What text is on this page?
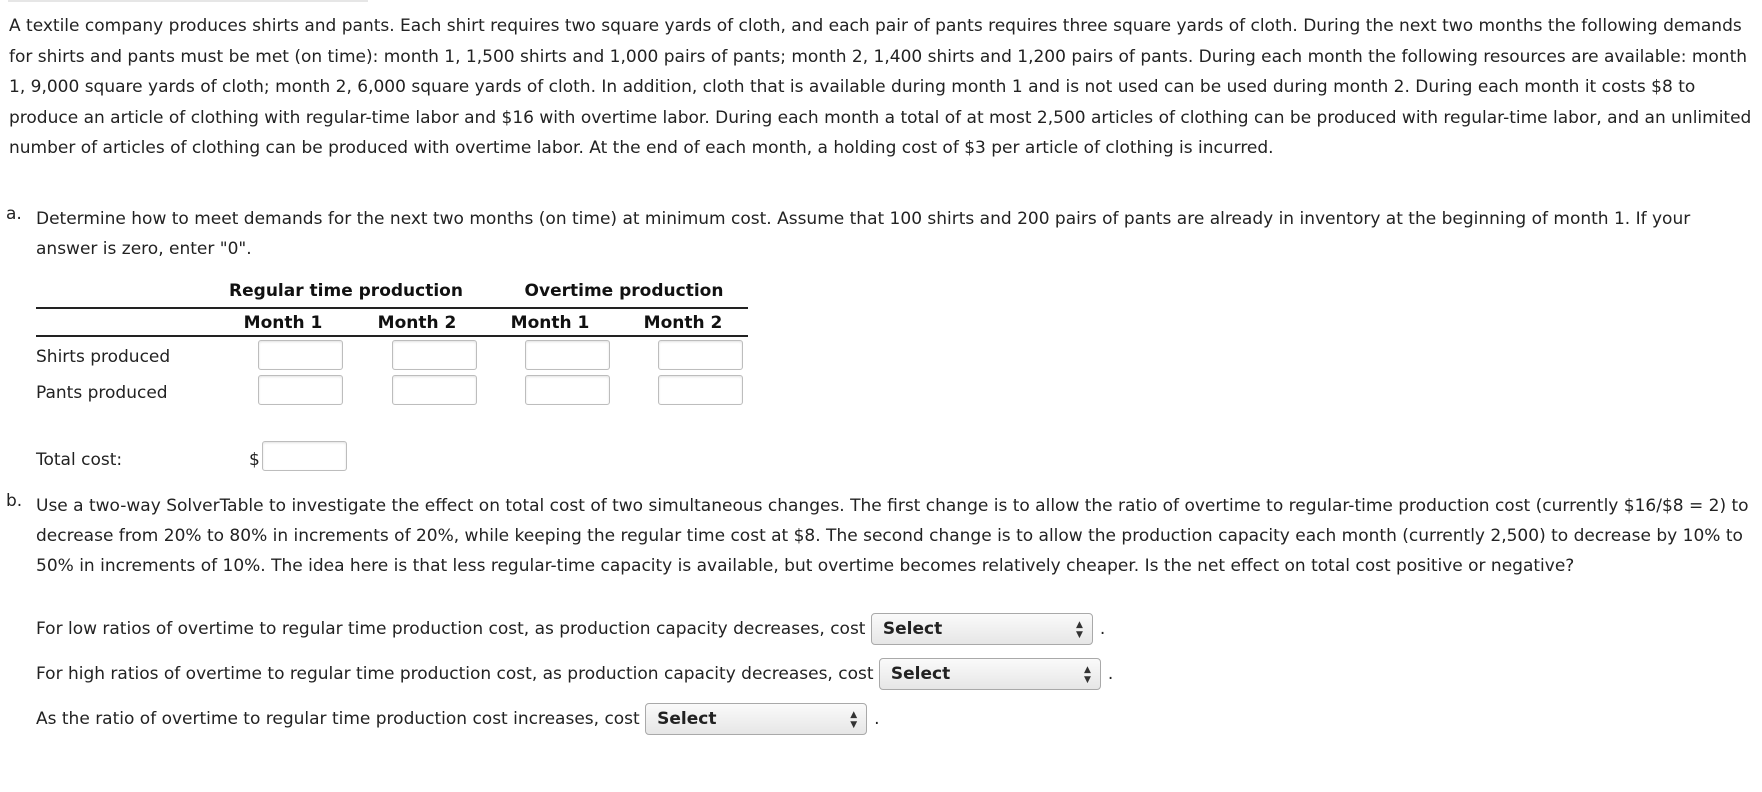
A textile company produces shirts and pants. Each shirt requires two square yards of cloth, and each pair of pants requires three square yards of cloth. During the next two months the following demands for shirts and pants must be met (on time): month 1, 1,500 shirts and 1,000 pairs of pants; month 2, 1,400 shirts and 1,200 pairs of pants. During each month the following resources are available: month 1, 9,000 square yards of cloth; month 2, 6,000 square yards of cloth. In addition, cloth that is available during month 1 and is not used can be used during month 2. During each month it costs $8 to produce an article of clothing with regular-time labor and $16 with overtime labor. During each month a total of at most 2,500 articles of clothing can be produced with regular-time labor, and an unlimited number of articles of clothing can be produced with overtime labor. At the end of each month, a holding cost of $3 per article of clothing is incurred.

a. Determine how to meet demands for the next two months (on time) at minimum cost. Assume that 100 shirts and 200 pairs of pants are already in inventory at the beginning of month 1. If your answer is zero, enter "0".
Regular time production	Overtime production
Month 1	Month 2	Month 1	Month 2
Shirts produced
Pants produced
Total cost:	$
b. Use a two-way SolverTable to investigate the effect on total cost of two simultaneous changes. The first change is to allow the ratio of overtime to regular-time production cost (currently $16/$8 = 2) to decrease from 20% to 80% in increments of 20%, while keeping the regular time cost at $8. The second change is to allow the production capacity each month (currently 2,500) to decrease by 10% to 50% in increments of 10%. The idea here is that less regular-time capacity is available, but overtime becomes relatively cheaper. Is the net effect on total cost positive or negative?
For low ratios of overtime to regular time production cost, as production capacity decreases, cost Select	▲
▼ .
For high ratios of overtime to regular time production cost, as production capacity decreases, cost Select	▲
▼ .
As the ratio of overtime to regular time production cost increases, cost Select	▲
▼ .
